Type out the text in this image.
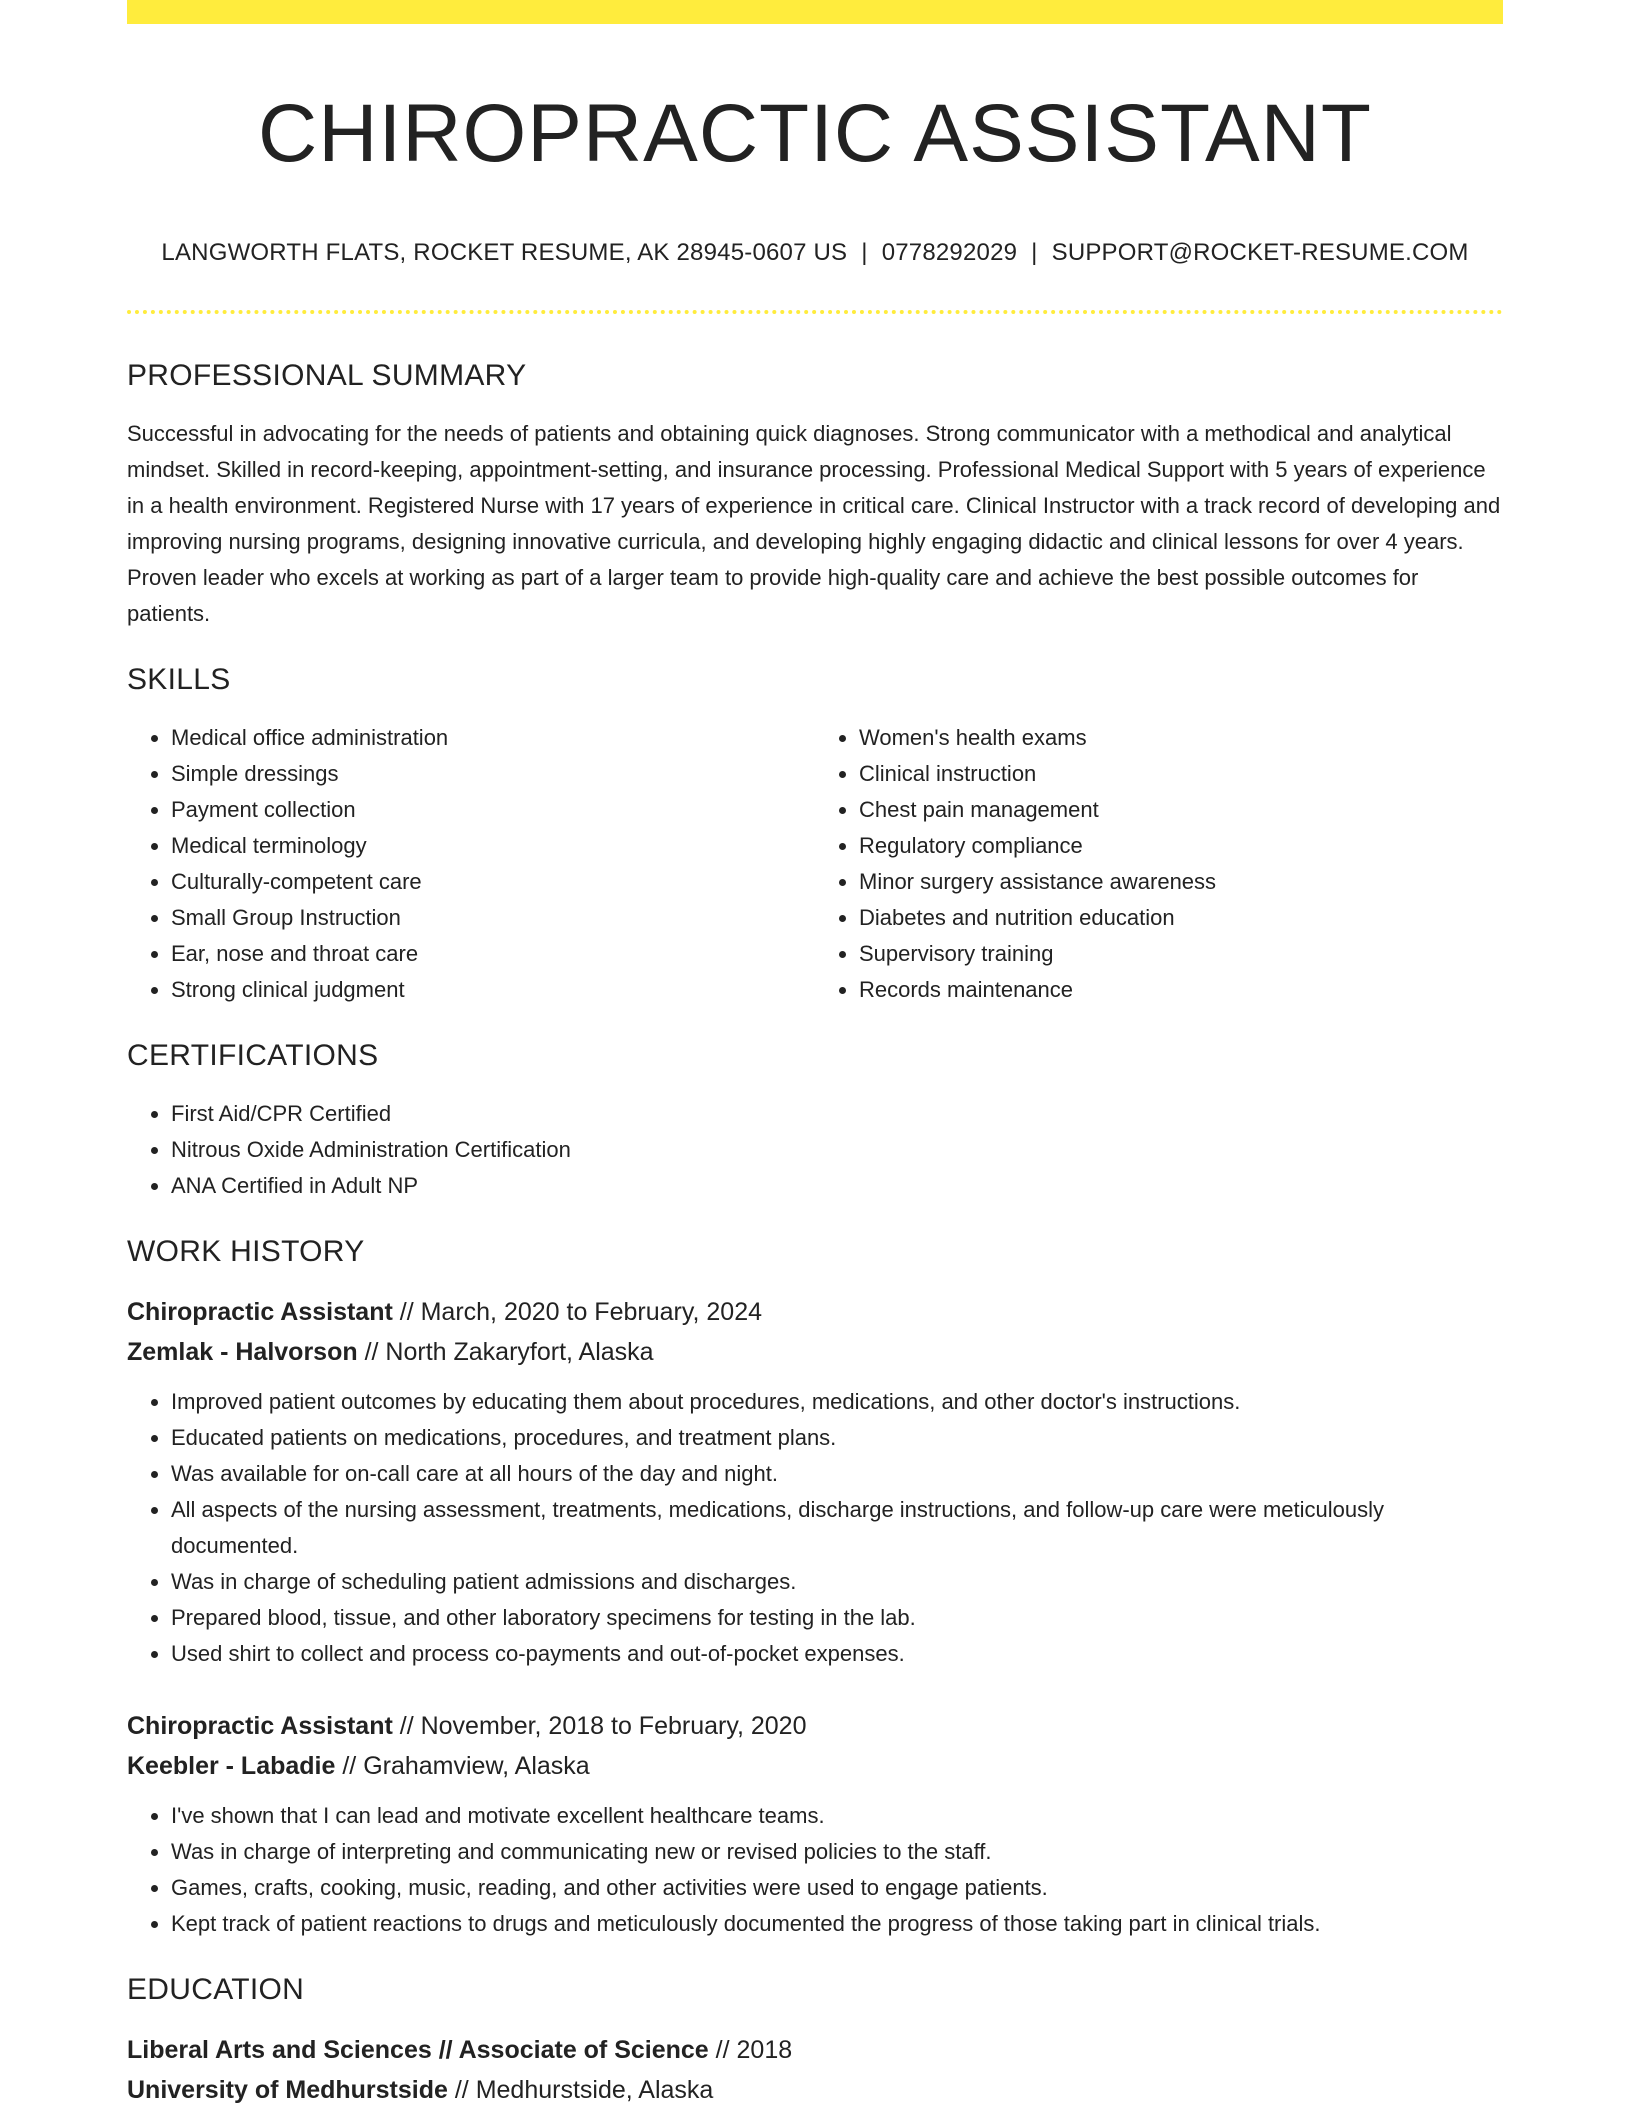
CHIROPRACTIC ASSISTANT
LANGWORTH FLATS, ROCKET RESUME, AK 28945-0607 US | 0778292029 | SUPPORT@ROCKET-RESUME.COM
PROFESSIONAL SUMMARY
Successful in advocating for the needs of patients and obtaining quick diagnoses. Strong communicator with a methodical and analytical mindset. Skilled in record-keeping, appointment-setting, and insurance processing. Professional Medical Support with 5 years of experience in a health environment. Registered Nurse with 17 years of experience in critical care. Clinical Instructor with a track record of developing and improving nursing programs, designing innovative curricula, and developing highly engaging didactic and clinical lessons for over 4 years. Proven leader who excels at working as part of a larger team to provide high-quality care and achieve the best possible outcomes for patients.
SKILLS
• Medical office administration
• Simple dressings
• Payment collection
• Medical terminology
• Culturally-competent care
• Small Group Instruction
• Ear, nose and throat care
• Strong clinical judgment
• Women's health exams
• Clinical instruction
• Chest pain management
• Regulatory compliance
• Minor surgery assistance awareness
• Diabetes and nutrition education
• Supervisory training
• Records maintenance
CERTIFICATIONS
• First Aid/CPR Certified
• Nitrous Oxide Administration Certification
• ANA Certified in Adult NP
WORK HISTORY
Chiropractic Assistant // March, 2020 to February, 2024
Zemlak - Halvorson // North Zakaryfort, Alaska
• Improved patient outcomes by educating them about procedures, medications, and other doctor's instructions.
• Educated patients on medications, procedures, and treatment plans.
• Was available for on-call care at all hours of the day and night.
• All aspects of the nursing assessment, treatments, medications, discharge instructions, and follow-up care were meticulously documented.
• Was in charge of scheduling patient admissions and discharges.
• Prepared blood, tissue, and other laboratory specimens for testing in the lab.
• Used shirt to collect and process co-payments and out-of-pocket expenses.
Chiropractic Assistant // November, 2018 to February, 2020
Keebler - Labadie // Grahamview, Alaska
• I've shown that I can lead and motivate excellent healthcare teams.
• Was in charge of interpreting and communicating new or revised policies to the staff.
• Games, crafts, cooking, music, reading, and other activities were used to engage patients.
• Kept track of patient reactions to drugs and meticulously documented the progress of those taking part in clinical trials.
EDUCATION
Liberal Arts and Sciences // Associate of Science // 2018
University of Medhurstside // Medhurstside, Alaska
